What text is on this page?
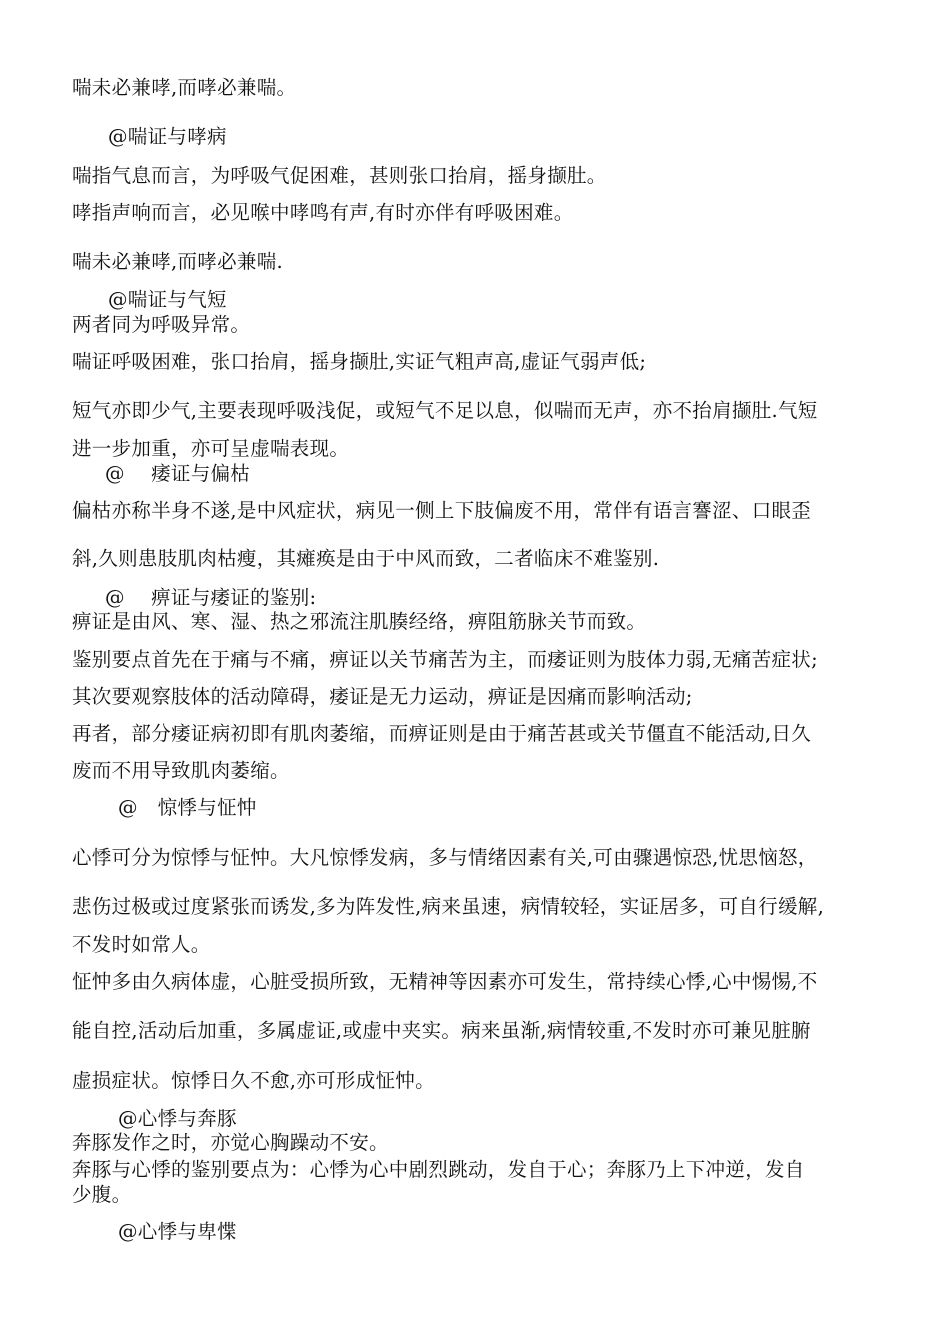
喘未必兼哮,而哮必兼喘。
@喘证与哮病
喘指气息而言，为呼吸气促困难，甚则张口抬肩，摇身撷肚。
哮指声响而言，必见喉中哮鸣有声,有时亦伴有呼吸困难。
喘未必兼哮,而哮必兼喘.
@喘证与气短
两者同为呼吸异常。
喘证呼吸困难，张口抬肩，摇身撷肚,实证气粗声高,虚证气弱声低;
短气亦即少气,主要表现呼吸浅促，或短气不足以息，似喘而无声，亦不抬肩撷肚.气短
进一步加重，亦可呈虚喘表现。
@　 痿证与偏枯
偏枯亦称半身不遂,是中风症状，病见一侧上下肢偏废不用，常伴有语言謇涩、口眼歪
斜,久则患肢肌肉枯瘦，其瘫痪是由于中风而致，二者临床不难鉴别.
@　 痹证与痿证的鉴别:
痹证是由风、寒、湿、热之邪流注肌腠经络，痹阻筋脉关节而致。
鉴别要点首先在于痛与不痛，痹证以关节痛苦为主，而痿证则为肢体力弱,无痛苦症状;
其次要观察肢体的活动障碍，痿证是无力运动，痹证是因痛而影响活动;
再者，部分痿证病初即有肌肉萎缩，而痹证则是由于痛苦甚或关节僵直不能活动,日久
废而不用导致肌肉萎缩。
@　惊悸与怔忡
心悸可分为惊悸与怔忡。大凡惊悸发病，多与情绪因素有关,可由骤遇惊恐,忧思恼怒，
悲伤过极或过度紧张而诱发,多为阵发性,病来虽速，病情较轻，实证居多，可自行缓解,
不发时如常人。
怔忡多由久病体虚，心脏受损所致，无精神等因素亦可发生，常持续心悸,心中惕惕,不
能自控,活动后加重，多属虚证,或虚中夹实。病来虽渐,病情较重,不发时亦可兼见脏腑
虚损症状。惊悸日久不愈,亦可形成怔忡。
@心悸与奔豚
奔豚发作之时，亦觉心胸躁动不安。
奔豚与心悸的鉴别要点为：心悸为心中剧烈跳动，发自于心；奔豚乃上下冲逆，发自
少腹。
@心悸与卑惵
